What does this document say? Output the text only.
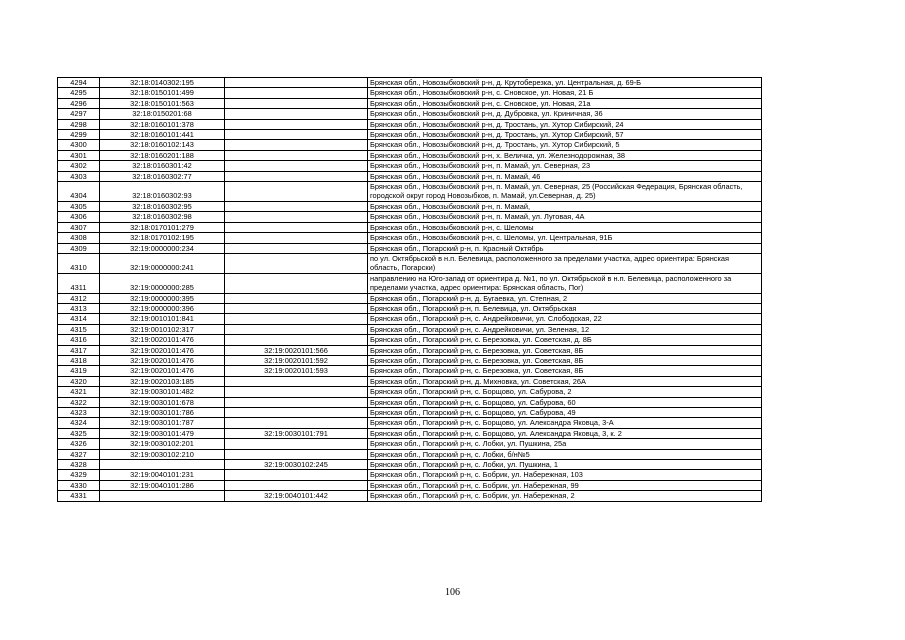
4294	32:18:0140302:195		Брянская обл., Новозыбковский р-н, д. Крутоберезка, ул. Центральная, д. 69-Б
4295	32:18:0150101:499		Брянская обл., Новозыбковский р-н, с. Сновское, ул. Новая, 21 Б
4296	32:18:0150101:563		Брянская обл., Новозыбковский р-н, с. Сновское, ул. Новая, 21а
4297	32:18:0150201:68		Брянская обл., Новозыбковский р-н, д. Дубровка, ул. Криничная, 36
4298	32:18:0160101:378		Брянская обл., Новозыбковский р-н, д. Тростань, ул. Хутор Сибирский, 24
4299	32:18:0160101:441		Брянская обл., Новозыбковский р-н, д. Тростань, ул. Хутор Сибирский, 57
4300	32:18:0160102:143		Брянская обл., Новозыбковский р-н, д. Тростань, ул. Хутор Сибирский, 5
4301	32:18:0160201:188		Брянская обл., Новозыбковский р-н, х. Величка, ул. Железнодорожная, 38
4302	32:18:0160301:42		Брянская обл., Новозыбковский р-н, п. Мамай, ул. Северная, 23
4303	32:18:0160302:77		Брянская обл., Новозыбковский р-н, п. Мамай, 46
4304	32:18:0160302:93		Брянская обл., Новозыбковский р-н, п. Мамай, ул. Северная, 25 (Российская Федерация, Брянская область, городской округ город Новозыбков, п. Мамай, ул.Северная, д. 25)
4305	32:18:0160302:95		Брянская обл., Новозыбковский р-н, п. Мамай,
4306	32:18:0160302:98		Брянская обл., Новозыбковский р-н, п. Мамай, ул. Луговая, 4А
4307	32:18:0170101:279		Брянская обл., Новозыбковский р-н, с. Шеломы
4308	32:18:0170102:195		Брянская обл., Новозыбковский р-н, с. Шеломы, ул. Центральная, 91Б
4309	32:19:0000000:234		Брянская обл., Погарский р-н, п. Красный Октябрь
4310	32:19:0000000:241		по ул. Октябрьской в н.п. Белевица, расположенного за пределами участка, адрес ориентира: Брянская область, Погарски)
4311	32:19:0000000:285		направлению на Юго-запад от ориентира д. №1, по ул. Октябрьской в н.п. Белевица, расположенного за пределами участка, адрес ориентира: Брянская область, Пог)
4312	32:19:0000000:395		Брянская обл., Погарский р-н, д. Бугаевка, ул. Степная, 2
4313	32:19:0000000:396		Брянская обл., Погарский р-н, п. Белевица, ул. Октябрьская
4314	32:19:0010101:841		Брянская обл., Погарский р-н, с. Андрейковичи, ул. Слободская, 22
4315	32:19:0010102:317		Брянская обл., Погарский р-н, с. Андрейковичи, ул. Зеленая, 12
4316	32:19:0020101:476		Брянская обл., Погарский р-н, с. Березовка, ул. Советская, д. 8Б
4317	32:19:0020101:476	32:19:0020101:566	Брянская обл., Погарский р-н, с. Березовка, ул. Советская, 8Б
4318	32:19:0020101:476	32:19:0020101:592	Брянская обл., Погарский р-н, с. Березовка, ул. Советская, 8Б
4319	32:19:0020101:476	32:19:0020101:593	Брянская обл., Погарский р-н, с. Березовка, ул. Советская, 8Б
4320	32:19:0020103:185		Брянская обл., Погарский р-н, д. Михновка, ул. Советская, 26А
4321	32:19:0030101:482		Брянская обл., Погарский р-н, с. Борщово, ул. Сабурова, 2
4322	32:19:0030101:678		Брянская обл., Погарский р-н, с. Борщово, ул. Сабурова, 60
4323	32:19:0030101:786		Брянская обл., Погарский р-н, с. Борщово, ул. Сабурова, 49
4324	32:19:0030101:787		Брянская обл., Погарский р-н, с. Борщово, ул. Александра Яковца, 3-А
4325	32:19:0030101:479	32:19:0030101:791	Брянская обл., Погарский р-н, с. Борщово, ул. Александра Яковца, 3, к. 2
4326	32:19:0030102:201		Брянская обл., Погарский р-н, с. Лобки, ул. Пушкина, 25а
4327	32:19:0030102:210		Брянская обл., Погарский р-н, с. Лобки, б/н№5
4328		32:19:0030102:245	Брянская обл., Погарский р-н, с. Лобки, ул. Пушкина, 1
4329	32:19:0040101:231		Брянская обл., Погарский р-н, с. Бобрик, ул. Набережная, 103
4330	32:19:0040101:286		Брянская обл., Погарский р-н, с. Бобрик, ул. Набережная, 99
4331		32:19:0040101:442	Брянская обл., Погарский р-н, с. Бобрик, ул. Набережная, 2
106
